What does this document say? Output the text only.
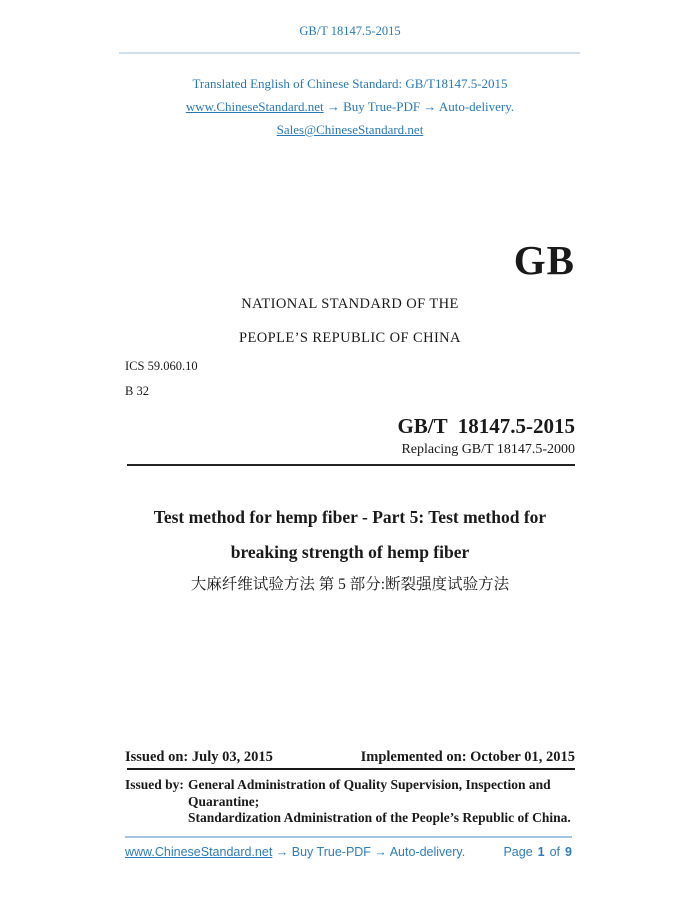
GB/T 18147.5-2015
Translated English of Chinese Standard: GB/T18147.5-2015
www.ChineseStandard.net → Buy True-PDF → Auto-delivery.
Sales@ChineseStandard.net
GB
NATIONAL STANDARD OF THE
PEOPLE’S REPUBLIC OF CHINA
ICS 59.060.10
B 32
GB/T  18147.5-2015
Replacing GB/T 18147.5-2000
Test method for hemp fiber - Part 5: Test method for
breaking strength of hemp fiber
大麻纤维试验方法 第 5 部分:断裂强度试验方法
Issued on: July 03, 2015	Implemented on: October 01, 2015
Issued by: General Administration of Quality Supervision, Inspection and
Quarantine;
Standardization Administration of the People’s Republic of China.
www.ChineseStandard.net → Buy True-PDF → Auto-delivery.	Page 1 of 9
